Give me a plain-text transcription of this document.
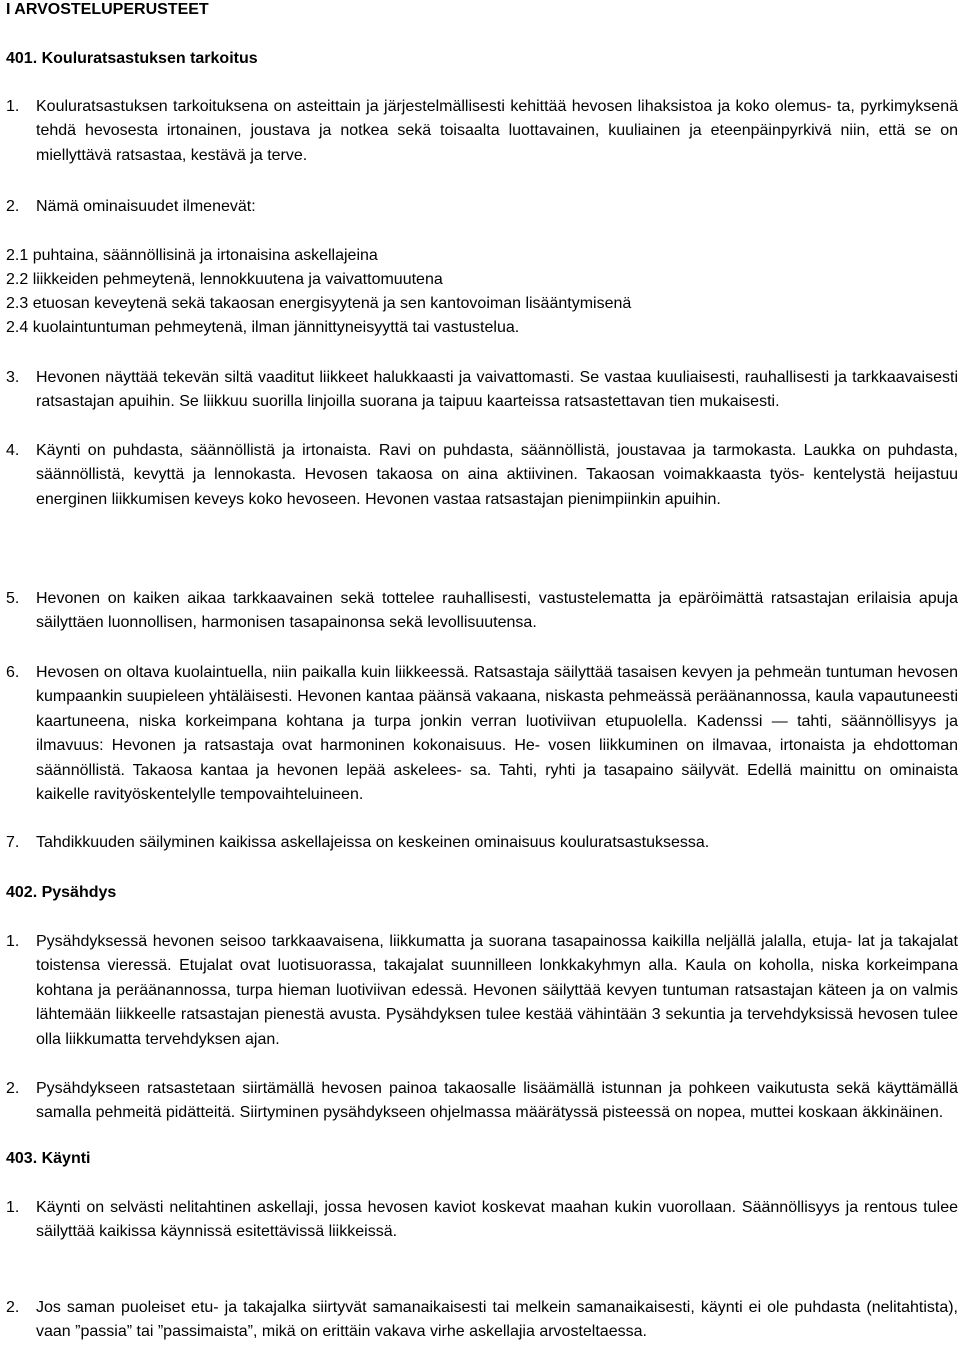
I ARVOSTELUPERUSTEET
401. Kouluratsastuksen tarkoitus
1. Kouluratsastuksen tarkoituksena on asteittain ja järjestelmällisesti kehittää hevosen lihaksistoa ja koko olemus- ta, pyrkimyksenä tehdä hevosesta irtonainen, joustava ja notkea sekä toisaalta luottavainen, kuuliainen ja eteenpäinpyrkivä niin, että se on miellyttävä ratsastaa, kestävä ja terve.
2. Nämä ominaisuudet ilmenevät:
2.1 puhtaina, säännöllisinä ja irtonaisina askellajeina
2.2 liikkeiden pehmeytenä, lennokkuutena ja vaivattomuutena
2.3 etuosan keveytenä sekä takaosan energisyytenä ja sen kantovoiman lisääntymisenä
2.4 kuolaintuntuman pehmeytenä, ilman jännittyneisyyttä tai vastustelua.
3. Hevonen näyttää tekevän siltä vaaditut liikkeet halukkaasti ja vaivattomasti. Se vastaa kuuliaisesti, rauhallisesti ja tarkkaavaisesti ratsastajan apuihin. Se liikkuu suorilla linjoilla suorana ja taipuu kaarteissa ratsastettavan tien mukaisesti.
4. Käynti on puhdasta, säännöllistä ja irtonaista. Ravi on puhdasta, säännöllistä, joustavaa ja tarmokasta. Laukka on puhdasta, säännöllistä, kevyttä ja lennokasta. Hevosen takaosa on aina aktiivinen. Takaosan voimakkaasta työs- kentelystä heijastuu energinen liikkumisen keveys koko hevoseen. Hevonen vastaa ratsastajan pienimpiinkin apuihin.
5. Hevonen on kaiken aikaa tarkkaavainen sekä tottelee rauhallisesti, vastustelematta ja epäröimättä ratsastajan erilaisia apuja säilyttäen luonnollisen, harmonisen tasapainonsa sekä levollisuutensa.
6. Hevosen on oltava kuolaintuella, niin paikalla kuin liikkeessä. Ratsastaja säilyttää tasaisen kevyen ja pehmeän tuntuman hevosen kumpaankin suupieleen yhtäläisesti. Hevonen kantaa päänsä vakaana, niskasta pehmeässä peräänannossa, kaula vapautuneesti kaartuneena, niska korkeimpana kohtana ja turpa jonkin verran luotiviivan etupuolella. Kadenssi — tahti, säännöllisyys ja ilmavuus: Hevonen ja ratsastaja ovat harmoninen kokonaisuus. He- vosen liikkuminen on ilmavaa, irtonaista ja ehdottoman säännöllistä. Takaosa kantaa ja hevonen lepää askelees- sa. Tahti, ryhti ja tasapaino säilyvät. Edellä mainittu on ominaista kaikelle ravityöskentelylle tempovaihteluineen.
7. Tahdikkuuden säilyminen kaikissa askellajeissa on keskeinen ominaisuus kouluratsastuksessa.
402. Pysähdys
1. Pysähdyksessä hevonen seisoo tarkkaavaisena, liikkumatta ja suorana tasapainossa kaikilla neljällä jalalla, etuja- lat ja takajalat toistensa vieressä. Etujalat ovat luotisuorassa, takajalat suunnilleen lonkkakyhmyn alla. Kaula on koholla, niska korkeimpana kohtana ja peräänannossa, turpa hieman luotiviivan edessä. Hevonen säilyttää kevyen tuntuman ratsastajan käteen ja on valmis lähtemään liikkeelle ratsastajan pienestä avusta. Pysähdyksen tulee kestää vähintään 3 sekuntia ja tervehdyksissä hevosen tulee olla liikkumatta tervehdyksen ajan.
2. Pysähdykseen ratsastetaan siirtämällä hevosen painoa takaosalle lisäämällä istunnan ja pohkeen vaikutusta sekä käyttämällä samalla pehmeitä pidätteitä. Siirtyminen pysähdykseen ohjelmassa määrätyssä pisteessä on nopea, muttei koskaan äkkinäinen.
403. Käynti
1. Käynti on selvästi nelitahtinen askellaji, jossa hevosen kaviot koskevat maahan kukin vuorollaan. Säännöllisyys ja rentous tulee säilyttää kaikissa käynnissä esitettävissä liikkeissä.
2. Jos saman puoleiset etu- ja takajalka siirtyvät samanaikaisesti tai melkein samanaikaisesti, käynti ei ole puhdasta (nelitahtista), vaan ”passia” tai ”passimaista”, mikä on erittäin vakava virhe askellajia arvosteltaessa.
